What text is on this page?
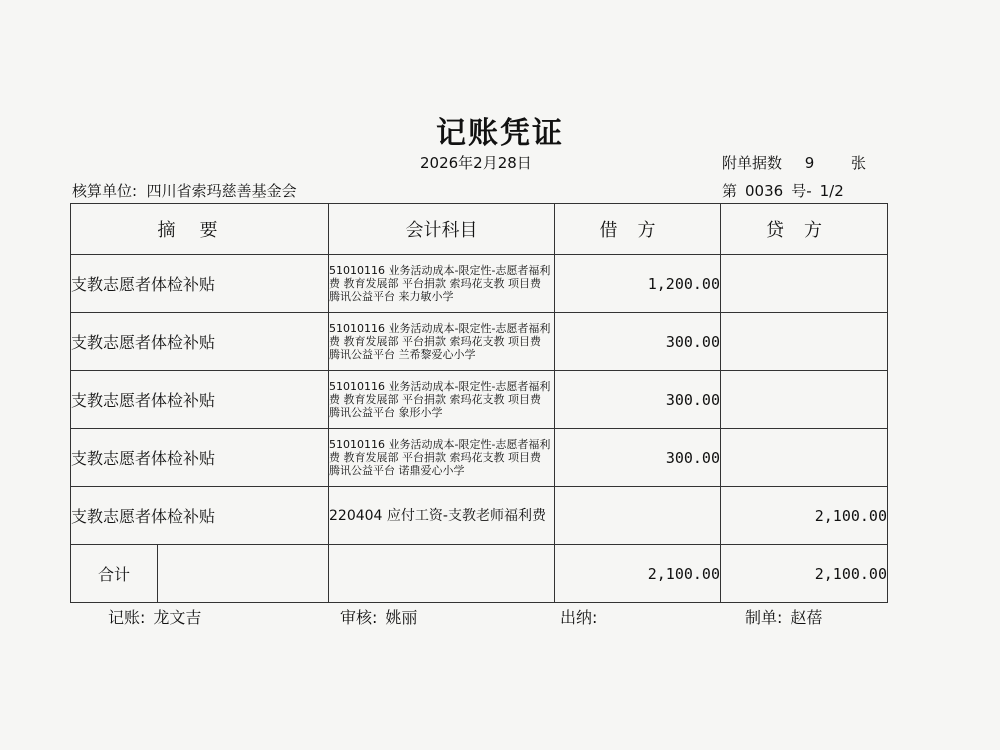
记账凭证
2026年2月28日	附单据数 9 张
核算单位: 四川省索玛慈善基金会	第 0036 号- 1/2
摘要	会计科目	借方	贷方
支教志愿者体检补贴	51010116 业务活动成本-限定性-志愿者福利费 教育发展部 平台捐款 索玛花支教 项目费 腾讯公益平台 来力敏小学	1,200.00	
支教志愿者体检补贴	51010116 业务活动成本-限定性-志愿者福利费 教育发展部 平台捐款 索玛花支教 项目费 腾讯公益平台 兰希黎爱心小学	300.00	
支教志愿者体检补贴	51010116 业务活动成本-限定性-志愿者福利费 教育发展部 平台捐款 索玛花支教 项目费 腾讯公益平台 象形小学	300.00	
支教志愿者体检补贴	51010116 业务活动成本-限定性-志愿者福利费 教育发展部 平台捐款 索玛花支教 项目费 腾讯公益平台 诺鼎爱心小学	300.00	
支教志愿者体检补贴	220404 应付工资-支教老师福利费		2,100.00

合计		2,100.00	2,100.00
记账: 龙文吉	审核: 姚丽	出纳:	制单: 赵蓓
